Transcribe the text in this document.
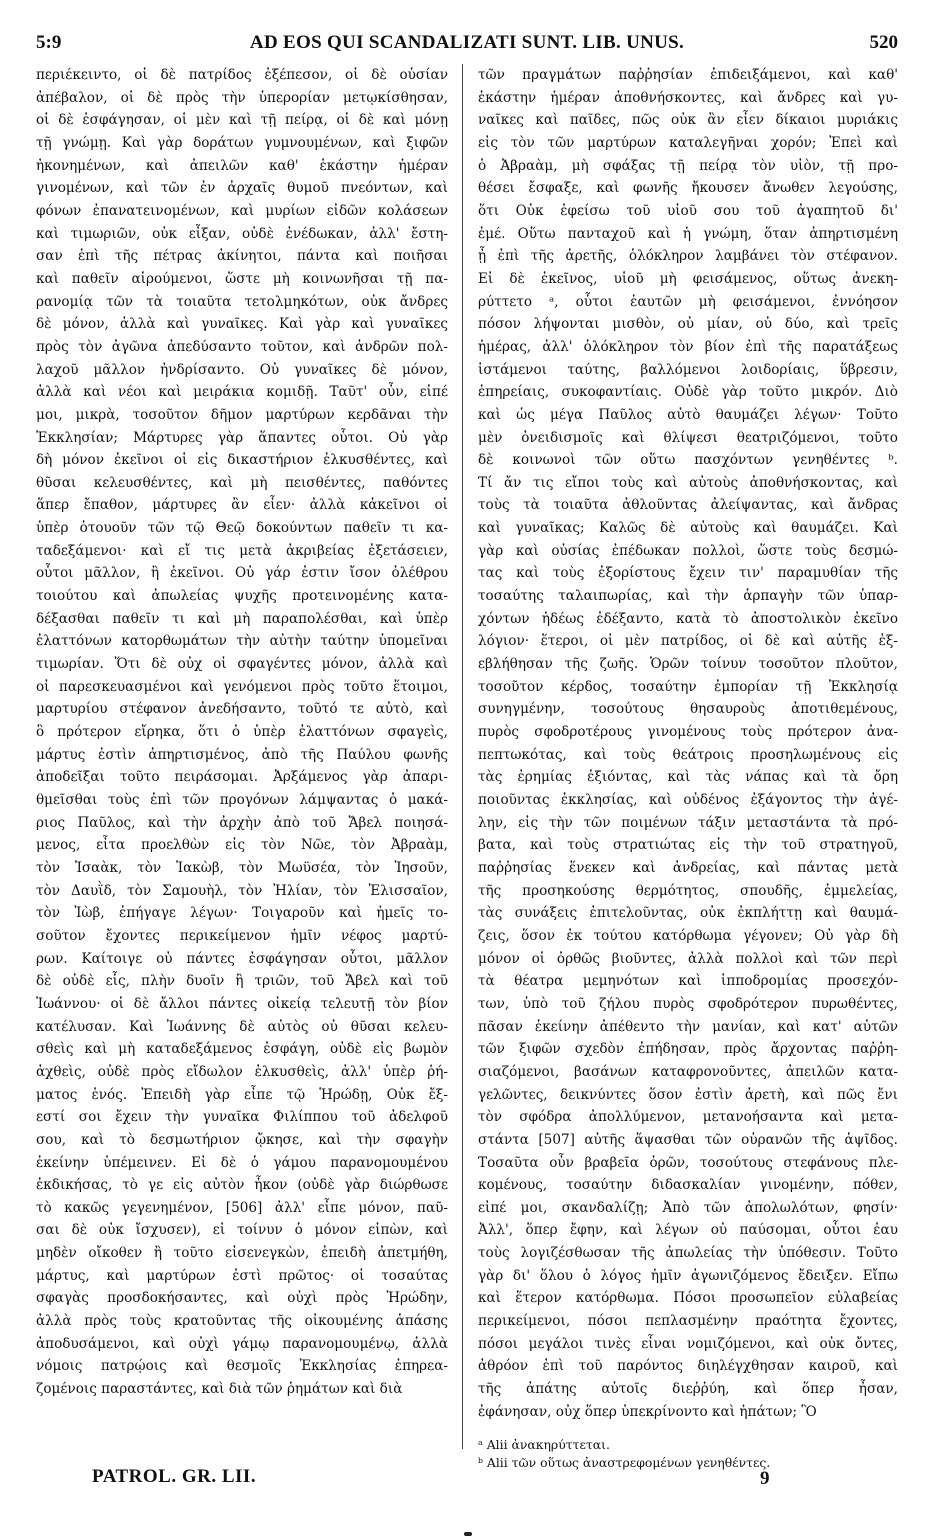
5:9	AD EOS QUI SCANDALIZATI SUNT. LIB. UNUS.	520
περιέκειντο, οἱ δὲ πατρίδος ἐξέπεσον, οἱ δὲ οὐσίαν
ἀπέβαλον, οἱ δὲ πρὸς τὴν ὑπερορίαν μετῳκίσθησαν,
οἱ δὲ ἐσφάγησαν, οἱ μὲν καὶ τῇ πείρᾳ, οἱ δὲ καὶ μόνῃ
τῇ γνώμῃ. Καὶ γὰρ δοράτων γυμνουμένων, καὶ ξιφῶν
ἠκονημένων, καὶ ἀπειλῶν καθ' ἑκάστην ἡμέραν
γινομένων, καὶ τῶν ἐν ἀρχαῖς θυμοῦ πνεόντων, καὶ
φόνων ἐπανατεινομένων, καὶ μυρίων εἰδῶν κολάσεων
καὶ τιμωριῶν, οὐκ εἶξαν, οὐδὲ ἐνέδωκαν, ἀλλ' ἔστη-
σαν ἐπὶ τῆς πέτρας ἀκίνητοι, πάντα καὶ ποιῆσαι
καὶ παθεῖν αἱρούμενοι, ὥστε μὴ κοινωνῆσαι τῇ πα-
ρανομίᾳ τῶν τὰ τοιαῦτα τετολμηκότων, οὐκ ἄνδρες
δὲ μόνον, ἀλλὰ καὶ γυναῖκες. Καὶ γὰρ καὶ γυναῖκες
πρὸς τὸν ἀγῶνα ἀπεδύσαντο τοῦτον, καὶ ἀνδρῶν πολ-
λαχοῦ μᾶλλον ἠνδρίσαντο. Οὐ γυναῖκες δὲ μόνον,
ἀλλὰ καὶ νέοι καὶ μειράκια κομιδῇ. Ταῦτ' οὖν, εἰπέ
μοι, μικρὰ, τοσοῦτον δῆμον μαρτύρων κερδᾶναι τὴν
Ἐκκλησίαν; Μάρτυρες γὰρ ἅπαντες οὗτοι. Οὐ γὰρ
δὴ μόνον ἐκεῖνοι οἱ εἰς δικαστήριον ἑλκυσθέντες, καὶ
θῦσαι κελευσθέντες, καὶ μὴ πεισθέντες, παθόντες
ἅπερ ἔπαθον, μάρτυρες ἂν εἶεν· ἀλλὰ κἀκεῖνοι οἱ
ὑπὲρ ὁτουοῦν τῶν τῷ Θεῷ δοκούντων παθεῖν τι κα-
ταδεξάμενοι· καὶ εἴ τις μετὰ ἀκριβείας ἐξετάσειεν,
οὗτοι μᾶλλον, ἢ ἐκεῖνοι. Οὐ γάρ ἐστιν ἴσον ὀλέθρου
τοιούτου καὶ ἀπωλείας ψυχῆς προτεινομένης κατα-
δέξασθαι παθεῖν τι καὶ μὴ παραπολέσθαι, καὶ ὑπὲρ
ἐλαττόνων κατορθωμάτων τὴν αὐτὴν ταύτην ὑπομεῖναι
τιμωρίαν. Ὅτι δὲ οὐχ οἱ σφαγέντες μόνον, ἀλλὰ καὶ
οἱ παρεσκευασμένοι καὶ γενόμενοι πρὸς τοῦτο ἕτοιμοι,
μαρτυρίου στέφανον ἀνεδήσαντο, τοῦτό τε αὐτὸ, καὶ
ὃ πρότερον εἴρηκα, ὅτι ὁ ὑπὲρ ἐλαττόνων σφαγεὶς,
μάρτυς ἐστὶν ἀπηρτισμένος, ἀπὸ τῆς Παύλου φωνῆς
ἀποδεῖξαι τοῦτο πειράσομαι. Ἀρξάμενος γὰρ ἀπαρι-
θμεῖσθαι τοὺς ἐπὶ τῶν προγόνων λάμψαντας ὁ μακά-
ριος Παῦλος, καὶ τὴν ἀρχὴν ἀπὸ τοῦ Ἄβελ ποιησά-
μενος, εἶτα προελθὼν εἰς τὸν Νῶε, τὸν Ἀβραὰμ,
τὸν Ἰσαὰκ, τὸν Ἰακὼβ, τὸν Μωϋσέα, τὸν Ἰησοῦν,
τὸν Δαυῒδ, τὸν Σαμουὴλ, τὸν Ἠλίαν, τὸν Ἐλισσαῖον,
τὸν Ἰὼβ, ἐπήγαγε λέγων· Τοιγαροῦν καὶ ἡμεῖς το-
σοῦτον ἔχοντες περικείμενον ἡμῖν νέφος μαρτύ-
ρων. Καίτοιγε οὐ πάντες ἐσφάγησαν οὗτοι, μᾶλλον
δὲ οὐδὲ εἷς, πλὴν δυοῖν ἢ τριῶν, τοῦ Ἄβελ καὶ τοῦ
Ἰωάννου· οἱ δὲ ἄλλοι πάντες οἰκείᾳ τελευτῇ τὸν βίον
κατέλυσαν. Καὶ Ἰωάννης δὲ αὐτὸς οὐ θῦσαι κελευ-
σθεὶς καὶ μὴ καταδεξάμενος ἐσφάγη, οὐδὲ εἰς βωμὸν
ἀχθεὶς, οὐδὲ πρὸς εἴδωλον ἑλκυσθεὶς, ἀλλ' ὑπὲρ ῥή-
ματος ἑνός. Ἐπειδὴ γὰρ εἶπε τῷ Ἡρώδῃ, Οὐκ ἔξ-
εστί σοι ἔχειν τὴν γυναῖκα Φιλίππου τοῦ ἀδελφοῦ
σου, καὶ τὸ δεσμωτήριον ᾤκησε, καὶ τὴν σφαγὴν
ἐκείνην ὑπέμεινεν. Εἰ δὲ ὁ γάμου παρανομουμένου
ἐκδικήσας, τὸ γε εἰς αὐτὸν ἧκον (οὐδὲ γὰρ διώρθωσε
τὸ κακῶς γεγενημένον, [506] ἀλλ' εἶπε μόνον, παῦ-
σαι δὲ οὐκ ἴσχυσεν), εἰ τοίνυν ὁ μόνον εἰπὼν, καὶ
μηδὲν οἴκοθεν ἢ τοῦτο εἰσενεγκὼν, ἐπειδὴ ἀπετμήθη,
μάρτυς, καὶ μαρτύρων ἐστὶ πρῶτος· οἱ τοσαύτας
σφαγὰς προσδοκήσαντες, καὶ οὐχὶ πρὸς Ἡρώδην,
ἀλλὰ πρὸς τοὺς κρατοῦντας τῆς οἰκουμένης ἁπάσης
ἀποδυσάμενοι, καὶ οὐχὶ γάμῳ παρανομουμένῳ, ἀλλὰ
νόμοις πατρῴοις καὶ θεσμοῖς Ἐκκλησίας ἐπηρεα-
ζομένοις παραστάντες, καὶ διὰ τῶν ῥημάτων καὶ διὰ
τῶν πραγμάτων παῤῥησίαν ἐπιδειξάμενοι, καὶ καθ'
ἑκάστην ἡμέραν ἀποθνήσκοντες, καὶ ἄνδρες καὶ γυ-
ναῖκες καὶ παῖδες, πῶς οὐκ ἂν εἶεν δίκαιοι μυριάκις
εἰς τὸν τῶν μαρτύρων καταλεγῆναι χορόν; Ἐπεὶ καὶ
ὁ Ἀβραὰμ, μὴ σφάξας τῇ πείρᾳ τὸν υἱὸν, τῇ προ-
θέσει ἔσφαξε, καὶ φωνῆς ἤκουσεν ἄνωθεν λεγούσης,
ὅτι Οὐκ ἐφείσω τοῦ υἱοῦ σου τοῦ ἀγαπητοῦ δι'
ἐμέ. Οὕτω πανταχοῦ καὶ ἡ γνώμη, ὅταν ἀπηρτισμένη
ᾖ ἐπὶ τῆς ἀρετῆς, ὁλόκληρον λαμβάνει τὸν στέφανον.
Εἰ δὲ ἐκεῖνος, υἱοῦ μὴ φεισάμενος, οὕτως ἀνεκη-
ρύττετο ᵃ, οὗτοι ἑαυτῶν μὴ φεισάμενοι, ἐννόησον
πόσον λήψονται μισθὸν, οὐ μίαν, οὐ δύο, καὶ τρεῖς
ἡμέρας, ἀλλ' ὁλόκληρον τὸν βίον ἐπὶ τῆς παρατάξεως
ἱστάμενοι ταύτης, βαλλόμενοι λοιδορίαις, ὕβρεσιν,
ἐπηρείαις, συκοφαντίαις. Οὐδὲ γὰρ τοῦτο μικρόν. Διὸ
καὶ ὡς μέγα Παῦλος αὐτὸ θαυμάζει λέγων· Τοῦτο
μὲν ὀνειδισμοῖς καὶ θλίψεσι θεατριζόμενοι, τοῦτο
δὲ κοινωνοὶ τῶν οὕτω πασχόντων γενηθέντες ᵇ.
Τί ἄν τις εἴποι τοὺς καὶ αὐτοὺς ἀποθνήσκοντας, καὶ
τοὺς τὰ τοιαῦτα ἀθλοῦντας ἀλείψαντας, καὶ ἄνδρας
καὶ γυναῖκας; Καλῶς δὲ αὐτοὺς καὶ θαυμάζει. Καὶ
γὰρ καὶ οὐσίας ἐπέδωκαν πολλοὶ, ὥστε τοὺς δεσμώ-
τας καὶ τοὺς ἐξορίστους ἔχειν τιν' παραμυθίαν τῆς
τοσαύτης ταλαιπωρίας, καὶ τὴν ἁρπαγὴν τῶν ὑπαρ-
χόντων ἡδέως ἐδέξαντο, κατὰ τὸ ἀποστολικὸν ἐκεῖνο
λόγιον· ἕτεροι, οἱ μὲν πατρίδος, οἱ δὲ καὶ αὐτῆς ἐξ-
εβλήθησαν τῆς ζωῆς. Ὁρῶν τοίνυν τοσοῦτον πλοῦτον,
τοσοῦτον κέρδος, τοσαύτην ἐμπορίαν τῇ Ἐκκλησίᾳ
συνηγμένην, τοσούτους θησαυροὺς ἀποτιθεμένους,
πυρὸς σφοδροτέρους γινομένους τοὺς πρότερον ἀνα-
πεπτωκότας, καὶ τοὺς θεάτροις προσηλωμένους εἰς
τὰς ἐρημίας ἐξιόντας, καὶ τὰς νάπας καὶ τὰ ὄρη
ποιοῦντας ἐκκλησίας, καὶ οὐδένος ἐξάγοντος τὴν ἀγέ-
λην, εἰς τὴν τῶν ποιμένων τάξιν μεταστάντα τὰ πρό-
βατα, καὶ τοὺς στρατιώτας εἰς τὴν τοῦ στρατηγοῦ,
παῤῥησίας ἕνεκεν καὶ ἀνδρείας, καὶ πάντας μετὰ
τῆς προσηκούσης θερμότητος, σπουδῆς, ἐμμελείας,
τὰς συνάξεις ἐπιτελοῦντας, οὐκ ἐκπλήττῃ καὶ θαυμά-
ζεις, ὅσον ἐκ τούτου κατόρθωμα γέγονεν; Οὐ γὰρ δὴ
μόνον οἱ ὀρθῶς βιοῦντες, ἀλλὰ πολλοὶ καὶ τῶν περὶ
τὰ θέατρα μεμηνότων καὶ ἱπποδρομίας προσεχόν-
των, ὑπὸ τοῦ ζήλου πυρὸς σφοδρότερον πυρωθέντες,
πᾶσαν ἐκείνην ἀπέθεντο τὴν μανίαν, καὶ κατ' αὐτῶν
τῶν ξιφῶν σχεδὸν ἐπήδησαν, πρὸς ἄρχοντας παῤῥη-
σιαζόμενοι, βασάνων καταφρονοῦντες, ἀπειλῶν κατα-
γελῶντες, δεικνύντες ὅσον ἐστὶν ἀρετὴ, καὶ πῶς ἔνι
τὸν σφόδρα ἀπολλύμενον, μετανοήσαντα καὶ μετα-
στάντα [507] αὐτῆς ἅψασθαι τῶν οὐρανῶν τῆς ἁψῖδος.
Τοσαῦτα οὖν βραβεῖα ὁρῶν, τοσούτους στεφάνους πλε-
κομένους, τοσαύτην διδασκαλίαν γινομένην, πόθεν,
εἰπέ μοι, σκανδαλίζῃ; Ἀπὸ τῶν ἀπολωλότων, φησίν·
Ἀλλ', ὅπερ ἔφην, καὶ λέγων οὐ παύσομαι, οὗτοι ἐαυ
τοὺς λογιζέσθωσαν τῆς ἀπωλείας τὴν ὑπόθεσιν. Τοῦτο
γὰρ δι' ὅλου ὁ λόγος ἡμῖν ἀγωνιζόμενος ἔδειξεν. Εἴπω
καὶ ἕτερον κατόρθωμα. Πόσοι προσωπεῖον εὐλαβείας
περικείμενοι, πόσοι πεπλασμένην πραότητα ἔχοντες,
πόσοι μεγάλοι τινὲς εἶναι νομιζόμενοι, καὶ οὐκ ὄντες,
ἀθρόον ἐπὶ τοῦ παρόντος διηλέγχθησαν καιροῦ, καὶ
τῆς ἀπάτης αὐτοῖς διεῤῥύη, καὶ ὅπερ ἦσαν,
ἐφάνησαν, οὐχ ὅπερ ὑπεκρίνοντο καὶ ἠπάτων; Ὃ
ᵃ Alii ἀνακηρύττεται.
ᵇ Alii τῶν οὕτως ἀναστρεφομένων γενηθέντες.
PATROL. GR. LII.	9
